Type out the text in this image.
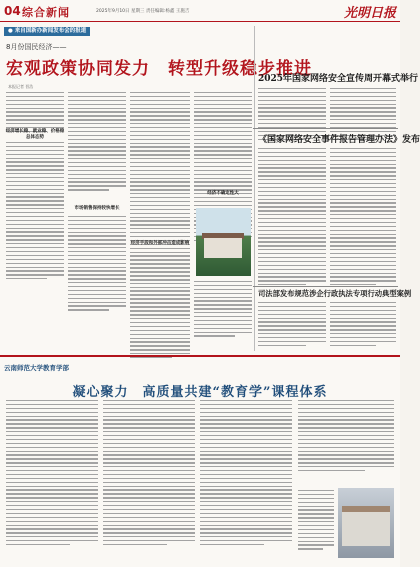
04 综合新闻	2025年9月10日 星期三 责任编辑:杨鑫 王施吉	光明日报
● 来自国新办新闻发布会的报道
8月份国民经济——
宏观政策协同发力　转型升级稳步推进
本报记者 晋浩
经济增长稳、就业稳、价格稳总体态势
市场销售保持较快增长
经济不确定性大
经济手段和外部冲击造成影响
2025年国家网络安全宣传周开幕式举行
《国家网络安全事件报告管理办法》发布
司法部发布规范涉企行政执法专项行动典型案例
云南师范大学教育学部
凝心聚力　高质量共建“教育学”课程体系
